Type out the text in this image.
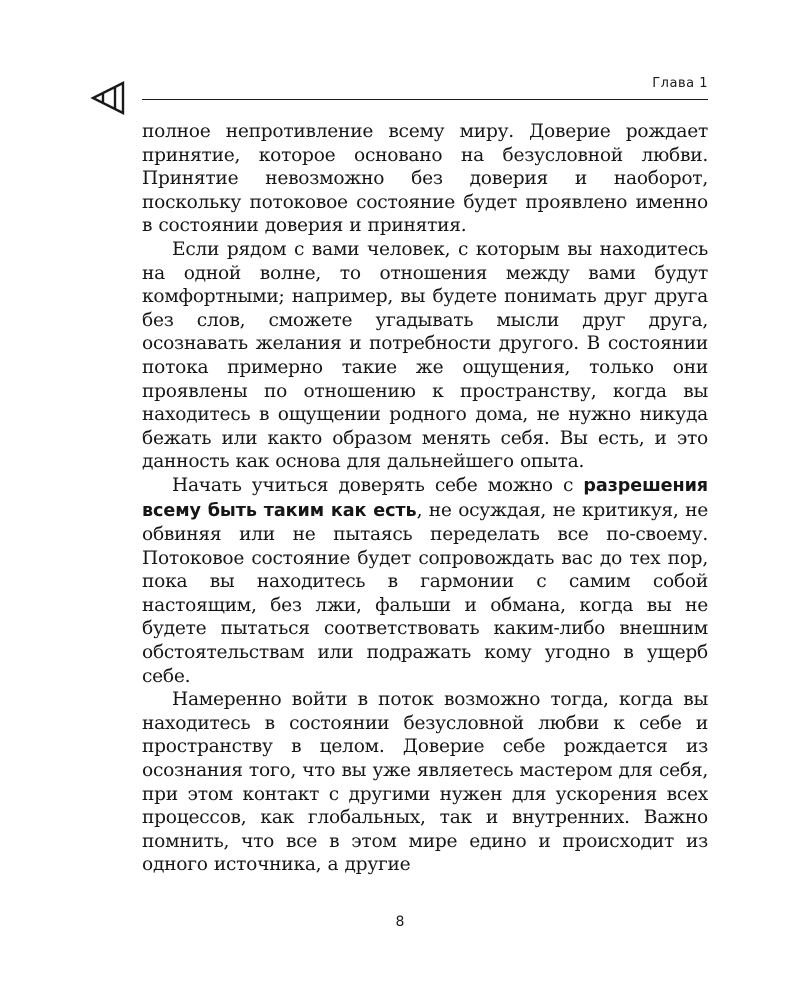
Глава 1

полное непротивление всему миру. Доверие рождает принятие, которое основано на безусловной любви. Принятие невозможно без доверия и наоборот, поскольку потоковое состояние будет проявлено именно в состоянии доверия и принятия.

Если рядом с вами человек, с которым вы находитесь на одной волне, то отношения между вами будут комфортными; например, вы будете понимать друг друга без слов, сможете угадывать мысли друг друга, осознавать желания и потребности другого. В состоянии потока примерно такие же ощущения, только они проявлены по отношению к пространству, когда вы находитесь в ощущении родного дома, не нужно никуда бежать или както образом менять себя. Вы есть, и это данность как основа для дальнейшего опыта.

Начать учиться доверять себе можно с разрешения всему быть таким как есть, не осуждая, не критикуя, не обвиняя или не пытаясь переделать все по-своему. Потоковое состояние будет сопровождать вас до тех пор, пока вы находитесь в гармонии с самим собой настоящим, без лжи, фальши и обмана, когда вы не будете пытаться соответствовать каким-либо внешним обстоятельствам или подражать кому угодно в ущерб себе.

Намеренно войти в поток возможно тогда, когда вы находитесь в состоянии безусловной любви к себе и пространству в целом. Доверие себе рождается из осознания того, что вы уже являетесь мастером для себя, при этом контакт с другими нужен для ускорения всех процессов, как глобальных, так и внутренних. Важно помнить, что все в этом мире едино и происходит из одного источника, а другие

8
